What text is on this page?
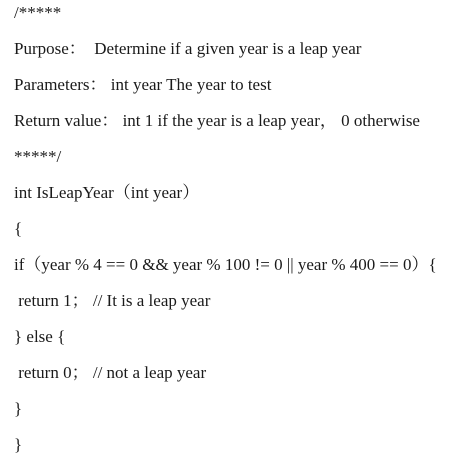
/*****

Purpose：  Determine if a given year is a leap year

Parameters： int year The year to test

Return value： int 1 if the year is a leap year， 0 otherwise

*****/

int IsLeapYear（int year）

{

if（year % 4 == 0 && year % 100 != 0 || year % 400 == 0）{

return 1； // It is a leap year

} else {

return 0； // not a leap year

}

}
